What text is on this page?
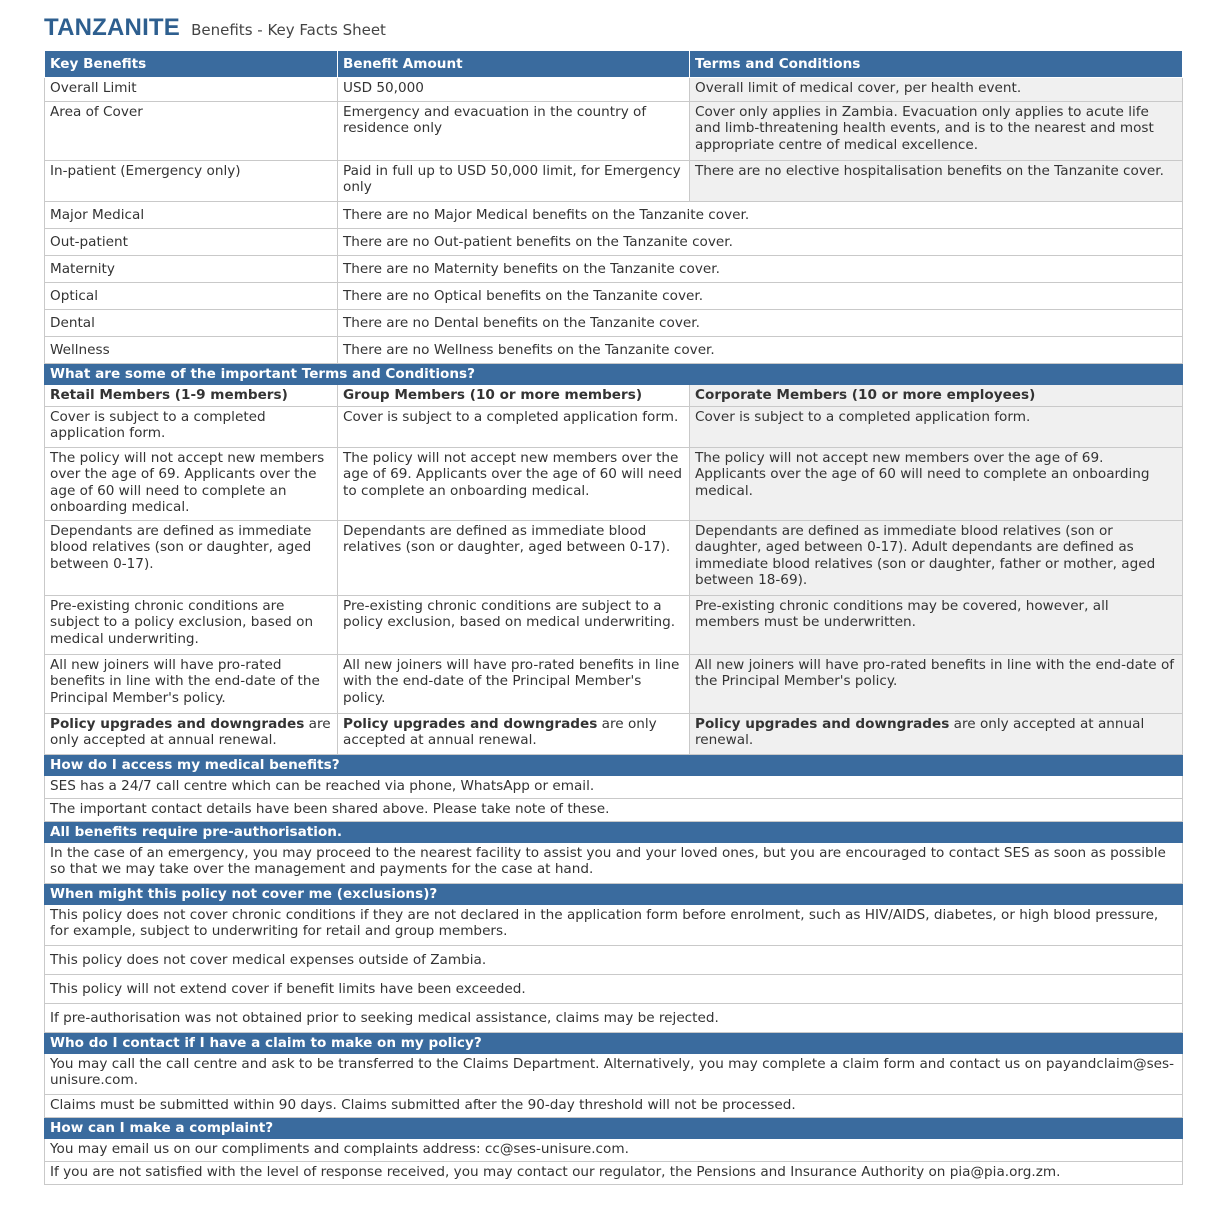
TANZANITE Benefits - Key Facts Sheet
Key Benefits	Benefit Amount	Terms and Conditions
Overall Limit	USD 50,000	Overall limit of medical cover, per health event.
Area of Cover	Emergency and evacuation in the country of residence only	Cover only applies in Zambia. Evacuation only applies to acute life and limb-threatening health events, and is to the nearest and most appropriate centre of medical excellence.
In-patient (Emergency only)	Paid in full up to USD 50,000 limit, for Emergency only	There are no elective hospitalisation benefits on the Tanzanite cover.
Major Medical	There are no Major Medical benefits on the Tanzanite cover.	
Out-patient	There are no Out-patient benefits on the Tanzanite cover.	
Maternity	There are no Maternity benefits on the Tanzanite cover.	
Optical	There are no Optical benefits on the Tanzanite cover.	
Dental	There are no Dental benefits on the Tanzanite cover.	
Wellness	There are no Wellness benefits on the Tanzanite cover.	
What are some of the important Terms and Conditions?		
Retail Members (1-9 members)	Group Members (10 or more members)	Corporate Members (10 or more employees)
Cover is subject to a completed application form.	Cover is subject to a completed application form.	Cover is subject to a completed application form.
The policy will not accept new members over the age of 69. Applicants over the age of 60 will need to complete an onboarding medical.	The policy will not accept new members over the age of 69. Applicants over the age of 60 will need to complete an onboarding medical.	The policy will not accept new members over the age of 69. Applicants over the age of 60 will need to complete an onboarding medical.
Dependants are defined as immediate blood relatives (son or daughter, aged between 0-17).	Dependants are defined as immediate blood relatives (son or daughter, aged between 0-17).	Dependants are defined as immediate blood relatives (son or daughter, aged between 0-17). Adult dependants are defined as immediate blood relatives (son or daughter, father or mother, aged between 18-69).
Pre-existing chronic conditions are subject to a policy exclusion, based on medical underwriting.	Pre-existing chronic conditions are subject to a policy exclusion, based on medical underwriting.	Pre-existing chronic conditions may be covered, however, all members must be underwritten.
All new joiners will have pro-rated benefits in line with the end-date of the Principal Member's policy.	All new joiners will have pro-rated benefits in line with the end-date of the Principal Member's policy.	All new joiners will have pro-rated benefits in line with the end-date of the Principal Member's policy.
Policy upgrades and downgrades are only accepted at annual renewal.	Policy upgrades and downgrades are only accepted at annual renewal.	Policy upgrades and downgrades are only accepted at annual renewal.
How do I access my medical benefits?		
SES has a 24/7 call centre which can be reached via phone, WhatsApp or email.		
The important contact details have been shared above. Please take note of these.		
All benefits require pre-authorisation.		
In the case of an emergency, you may proceed to the nearest facility to assist you and your loved ones, but you are encouraged to contact SES as soon as possible so that we may take over the management and payments for the case at hand.		
When might this policy not cover me (exclusions)?		
This policy does not cover chronic conditions if they are not declared in the application form before enrolment, such as HIV/AIDS, diabetes, or high blood pressure, for example, subject to underwriting for retail and group members.		
This policy does not cover medical expenses outside of Zambia.		
This policy will not extend cover if benefit limits have been exceeded.		
If pre-authorisation was not obtained prior to seeking medical assistance, claims may be rejected.		
Who do I contact if I have a claim to make on my policy?		
You may call the call centre and ask to be transferred to the Claims Department. Alternatively, you may complete a claim form and contact us on payandclaim@ses-unisure.com.		
Claims must be submitted within 90 days. Claims submitted after the 90-day threshold will not be processed.		
How can I make a complaint?		
You may email us on our compliments and complaints address: cc@ses-unisure.com.		
If you are not satisfied with the level of response received, you may contact our regulator, the Pensions and Insurance Authority on pia@pia.org.zm.		
